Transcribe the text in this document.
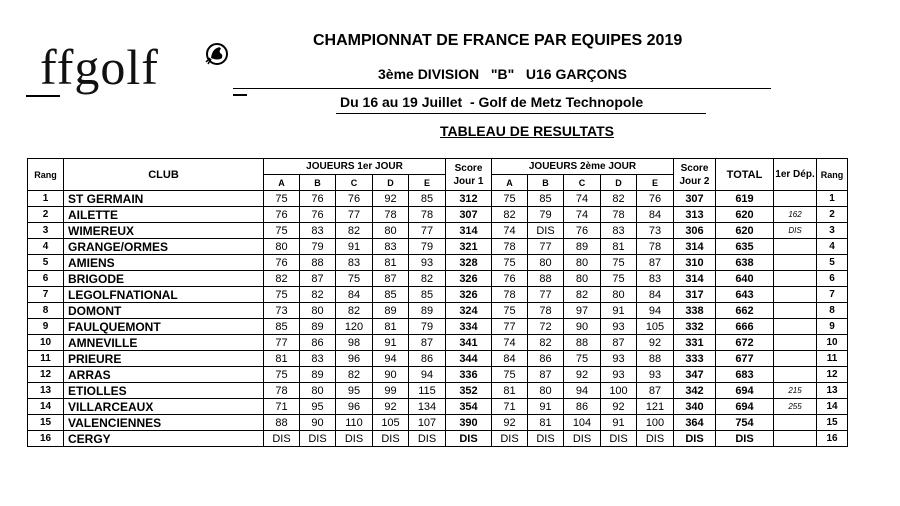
ffgolf	CHAMPIONNAT DE FRANCE PAR EQUIPES 2019
3ème DIVISION   "B"   U16 GARÇONS
Du 16 au 19 Juillet  - Golf de Metz Technopole
TABLEAU DE RESULTATS
Rang	CLUB	JOUEURS 1er JOUR					Score Jour 1	JOUEURS 2ème JOUR					Score Jour 2	TOTAL	1er Dép.	Rang
		A	B	C	D	E		A	B	C	D	E				
1	ST GERMAIN	75	76	76	92	85	312	75	85	74	82	76	307	619		1
2	AILETTE	76	76	77	78	78	307	82	79	74	78	84	313	620	162	2
3	WIMEREUX	75	83	82	80	77	314	74	DIS	76	83	73	306	620	DIS	3
4	GRANGE/ORMES	80	79	91	83	79	321	78	77	89	81	78	314	635		4
5	AMIENS	76	88	83	81	93	328	75	80	80	75	87	310	638		5
6	BRIGODE	82	87	75	87	82	326	76	88	80	75	83	314	640		6
7	LEGOLFNATIONAL	75	82	84	85	85	326	78	77	82	80	84	317	643		7
8	DOMONT	73	80	82	89	89	324	75	78	97	91	94	338	662		8
9	FAULQUEMONT	85	89	120	81	79	334	77	72	90	93	105	332	666		9
10	AMNEVILLE	77	86	98	91	87	341	74	82	88	87	92	331	672		10
11	PRIEURE	81	83	96	94	86	344	84	86	75	93	88	333	677		11
12	ARRAS	75	89	82	90	94	336	75	87	92	93	93	347	683		12
13	ETIOLLES	78	80	95	99	115	352	81	80	94	100	87	342	694	215	13
14	VILLARCEAUX	71	95	96	92	134	354	71	91	86	92	121	340	694	255	14
15	VALENCIENNES	88	90	110	105	107	390	92	81	104	91	100	364	754		15
16	CERGY	DIS	DIS	DIS	DIS	DIS	DIS	DIS	DIS	DIS	DIS	DIS	DIS	DIS		16
